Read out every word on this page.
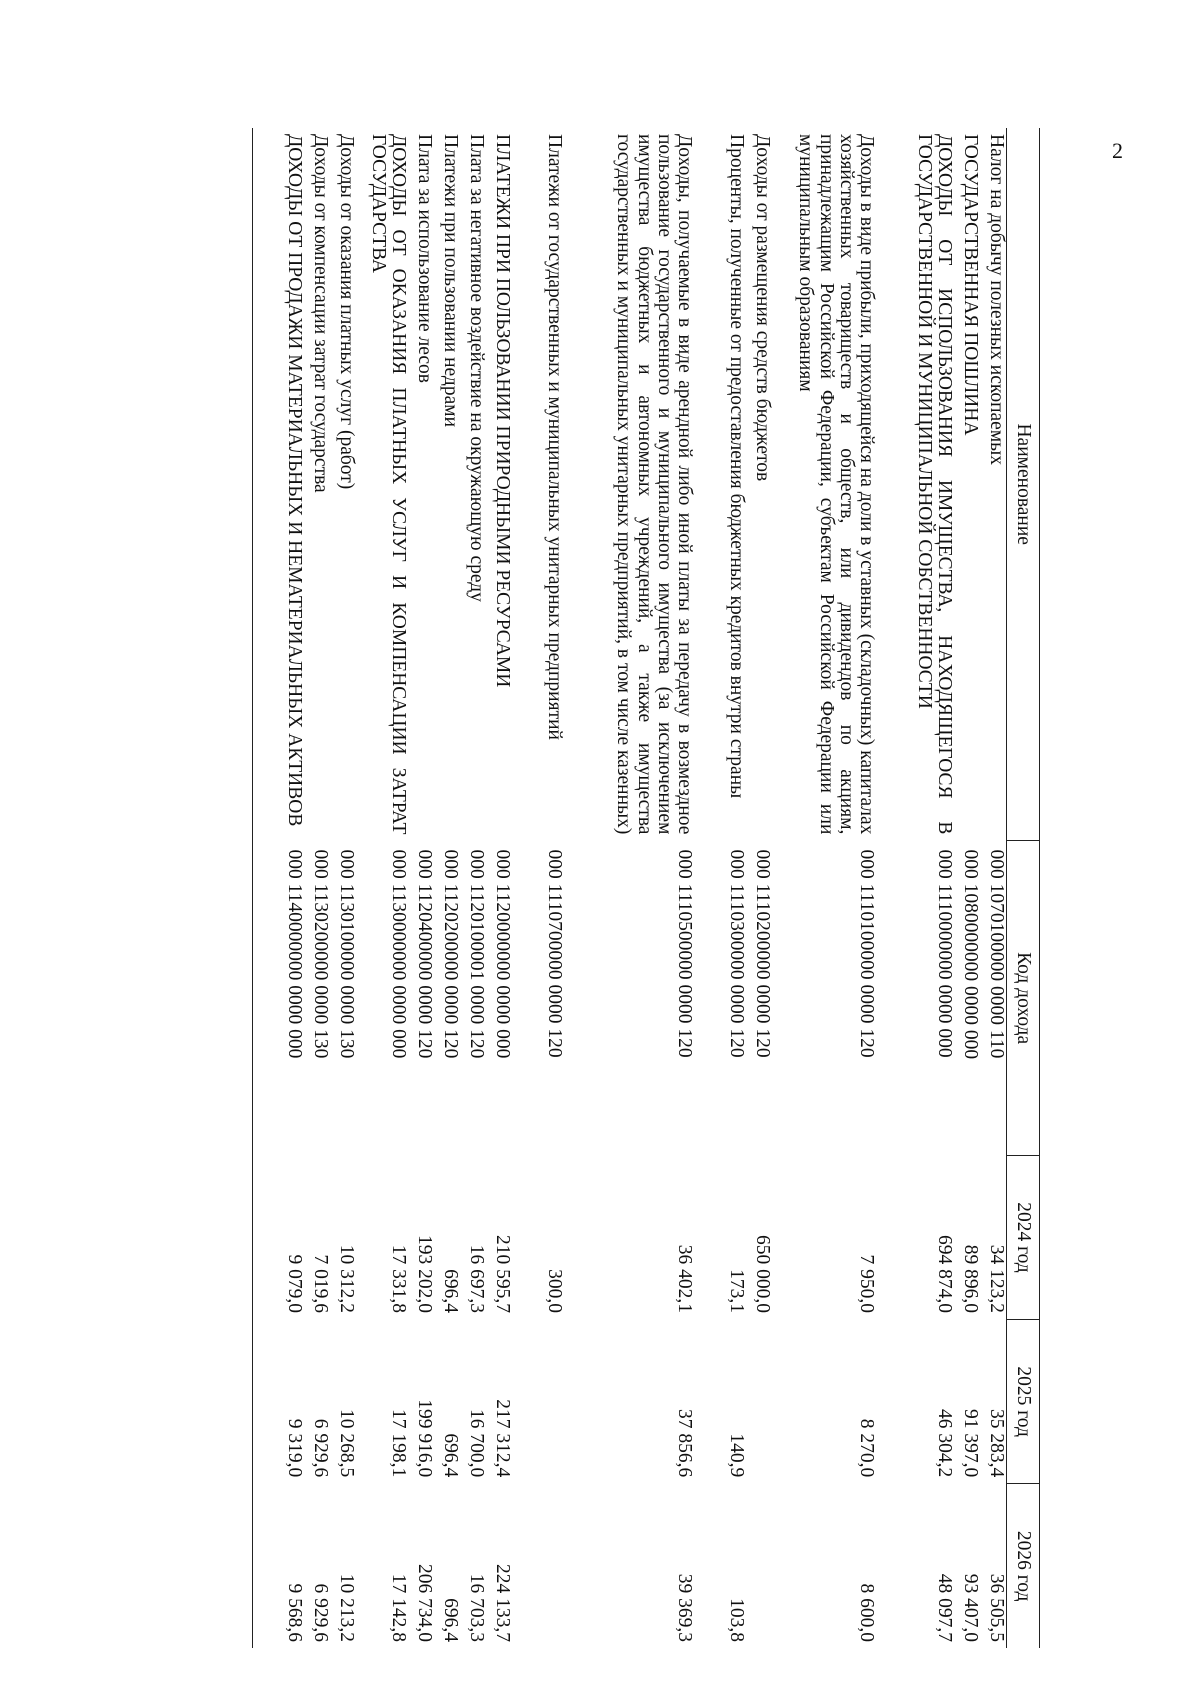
2
Наименование	Код дохода	2024 год	2025 год	2026 год
Налог на добычу полезных ископаемых	000 1070100000 0000 110	34 123,2	35 283,4	36 505,5
ГОСУДАРСТВЕННАЯ ПОШЛИНА	000 1080000000 0000 000	89 896,0	91 397,0	93 407,0
ДОХОДЫ ОТ ИСПОЛЬЗОВАНИЯ ИМУЩЕСТВА, НАХОДЯЩЕГОСЯ В ГОСУДАРСТВЕННОЙ И МУНИЦИПАЛЬНОЙ СОБСТВЕННОСТИ	000 1110000000 0000 000	694 874,0	46 304,2	48 097,7
Доходы в виде прибыли, приходящейся на доли в уставных (складочных) капиталах хозяйственных товариществ и обществ, или дивидендов по акциям, принадлежащим Российской Федерации, субъектам Российской Федерации или муниципальным образованиям	000 1110100000 0000 120	7 950,0	8 270,0	8 600,0
Доходы от размещения средств бюджетов	000 1110200000 0000 120	650 000,0		
Проценты, полученные от предоставления бюджетных кредитов внутри страны	000 1110300000 0000 120	173,1	140,9	103,8
Доходы, получаемые в виде арендной либо иной платы за передачу в возмездное пользование государственного и муниципального имущества (за исключением имущества бюджетных и автономных учреждений, а также имущества государственных и муниципальных унитарных предприятий, в том числе казенных)	000 1110500000 0000 120	36 402,1	37 856,6	39 369,3
Платежи от государственных и муниципальных унитарных предприятий	000 1110700000 0000 120	300,0		
ПЛАТЕЖИ ПРИ ПОЛЬЗОВАНИИ ПРИРОДНЫМИ РЕСУРСАМИ	000 1120000000 0000 000	210 595,7	217 312,4	224 133,7
Плата за негативное воздействие на окружающую среду	000 1120100001 0000 120	16 697,3	16 700,0	16 703,3
Платежи при пользовании недрами	000 1120200000 0000 120	696,4	696,4	696,4
Плата за использование лесов	000 1120400000 0000 120	193 202,0	199 916,0	206 734,0
ДОХОДЫ ОТ ОКАЗАНИЯ ПЛАТНЫХ УСЛУГ И КОМПЕНСАЦИИ ЗАТРАТ ГОСУДАРСТВА	000 1130000000 0000 000	17 331,8	17 198,1	17 142,8
Доходы от оказания платных услуг (работ)	000 1130100000 0000 130	10 312,2	10 268,5	10 213,2
Доходы от компенсации затрат государства	000 1130200000 0000 130	7 019,6	6 929,6	6 929,6
ДОХОДЫ ОТ ПРОДАЖИ МАТЕРИАЛЬНЫХ И НЕМАТЕРИАЛЬНЫХ АКТИВОВ	000 1140000000 0000 000	9 079,0	9 319,0	9 568,6
